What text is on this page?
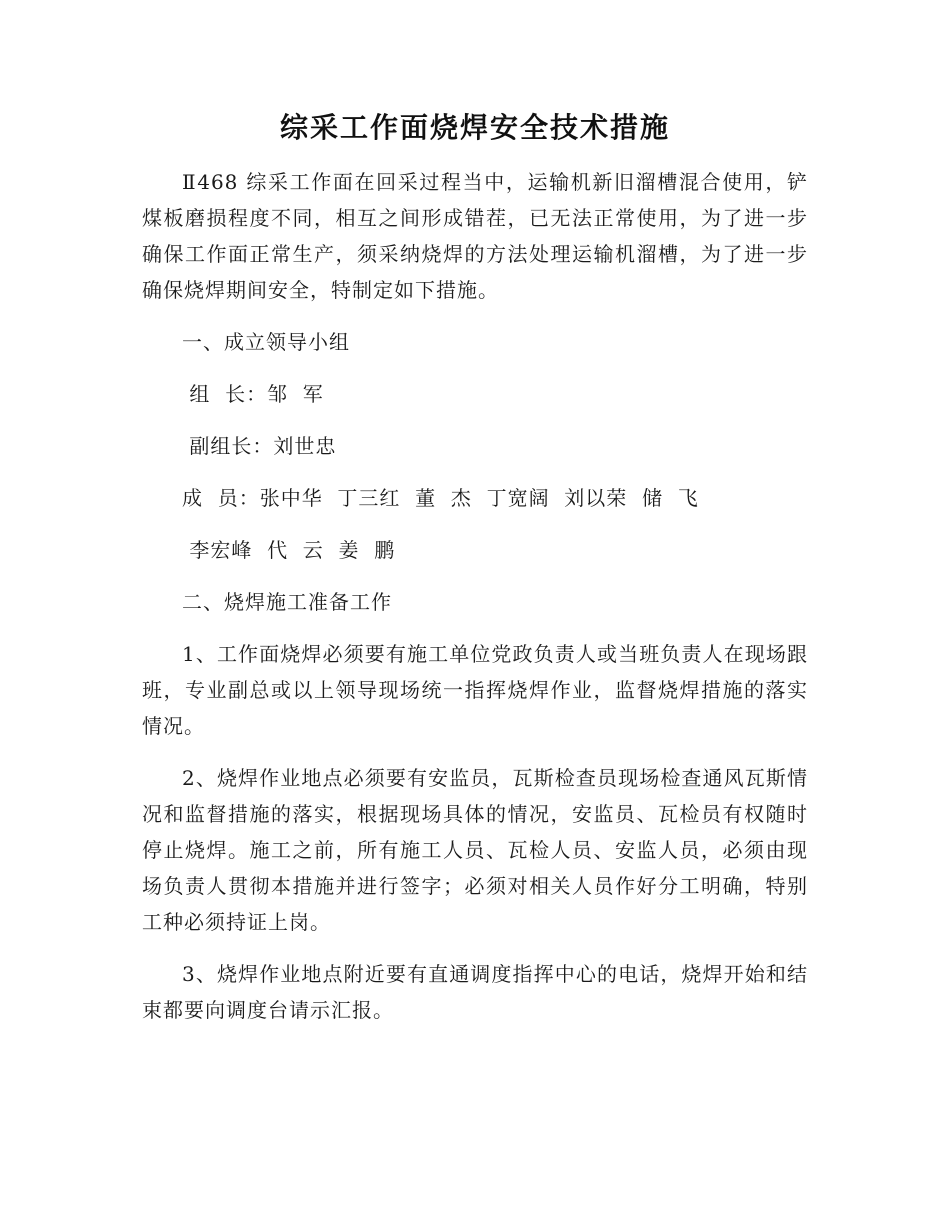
综采工作面烧焊安全技术措施

Ⅱ468 综采工作面在回采过程当中，运输机新旧溜槽混合使用，铲煤板磨损程度不同，相互之间形成错茬，已无法正常使用，为了进一步确保工作面正常生产，须采纳烧焊的方法处理运输机溜槽，为了进一步确保烧焊期间安全，特制定如下措施。

一、成立领导小组

组  长：邹  军

副组长：刘世忠

成  员：张中华  丁三红  董  杰  丁宽阔  刘以荣  储  飞

李宏峰  代  云  姜  鹏

二、烧焊施工准备工作

1、工作面烧焊必须要有施工单位党政负责人或当班负责人在现场跟班，专业副总或以上领导现场统一指挥烧焊作业，监督烧焊措施的落实情况。

2、烧焊作业地点必须要有安监员，瓦斯检查员现场检查通风瓦斯情况和监督措施的落实，根据现场具体的情况，安监员、瓦检员有权随时停止烧焊。施工之前，所有施工人员、瓦检人员、安监人员，必须由现场负责人贯彻本措施并进行签字；必须对相关人员作好分工明确，特别工种必须持证上岗。

3、烧焊作业地点附近要有直通调度指挥中心的电话，烧焊开始和结束都要向调度台请示汇报。
